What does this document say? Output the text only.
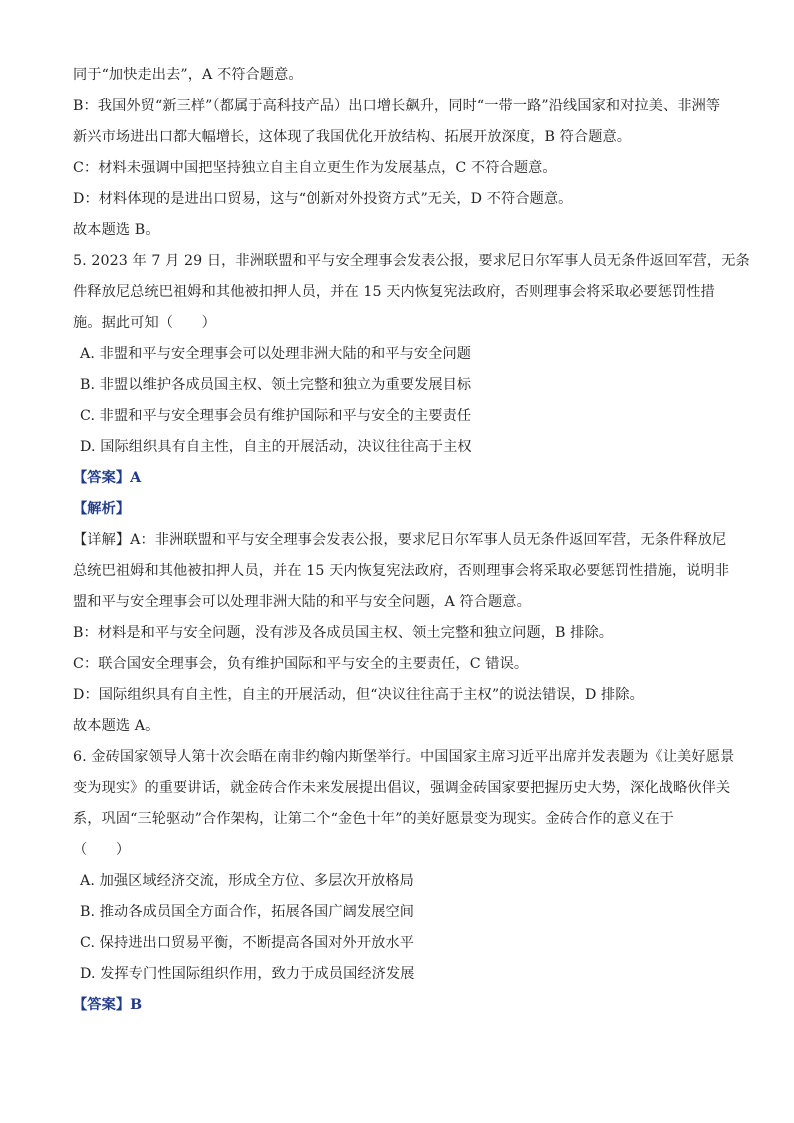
同于“加快走出去”，A 不符合题意。
B：我国外贸“新三样”（都属于高科技产品）出口增长飙升，同时“一带一路”沿线国家和对拉美、非洲等
新兴市场进出口都大幅增长，这体现了我国优化开放结构、拓展开放深度，B 符合题意。
C：材料未强调中国把坚持独立自主自立更生作为发展基点，C 不符合题意。
D：材料体现的是进出口贸易，这与“创新对外投资方式”无关，D 不符合题意。
故本题选 B。
5. 2023 年 7 月 29 日，非洲联盟和平与安全理事会发表公报，要求尼日尔军事人员无条件返回军营，无条
件释放尼总统巴祖姆和其他被扣押人员，并在 15 天内恢复宪法政府，否则理事会将采取必要惩罚性措
施。据此可知（　　）
A. 非盟和平与安全理事会可以处理非洲大陆的和平与安全问题
B. 非盟以维护各成员国主权、领土完整和独立为重要发展目标
C. 非盟和平与安全理事会员有维护国际和平与安全的主要责任
D. 国际组织具有自主性，自主的开展活动，决议往往高于主权
【答案】A
【解析】
【详解】A：非洲联盟和平与安全理事会发表公报，要求尼日尔军事人员无条件返回军营，无条件释放尼
总统巴祖姆和其他被扣押人员，并在 15 天内恢复宪法政府，否则理事会将采取必要惩罚性措施，说明非
盟和平与安全理事会可以处理非洲大陆的和平与安全问题，A 符合题意。
B：材料是和平与安全问题，没有涉及各成员国主权、领土完整和独立问题，B 排除。
C：联合国安全理事会，负有维护国际和平与安全的主要责任，C 错误。
D：国际组织具有自主性，自主的开展活动，但“决议往往高于主权”的说法错误，D 排除。
故本题选 A。
6. 金砖国家领导人第十次会晤在南非约翰内斯堡举行。中国国家主席习近平出席并发表题为《让美好愿景
变为现实》的重要讲话，就金砖合作未来发展提出倡议，强调金砖国家要把握历史大势，深化战略伙伴关
系，巩固“三轮驱动”合作架构，让第二个“金色十年”的美好愿景变为现实。金砖合作的意义在于
（　　）
A. 加强区域经济交流，形成全方位、多层次开放格局
B. 推动各成员国全方面合作，拓展各国广阔发展空间
C. 保持进出口贸易平衡，不断提高各国对外开放水平
D. 发挥专门性国际组织作用，致力于成员国经济发展
【答案】B
